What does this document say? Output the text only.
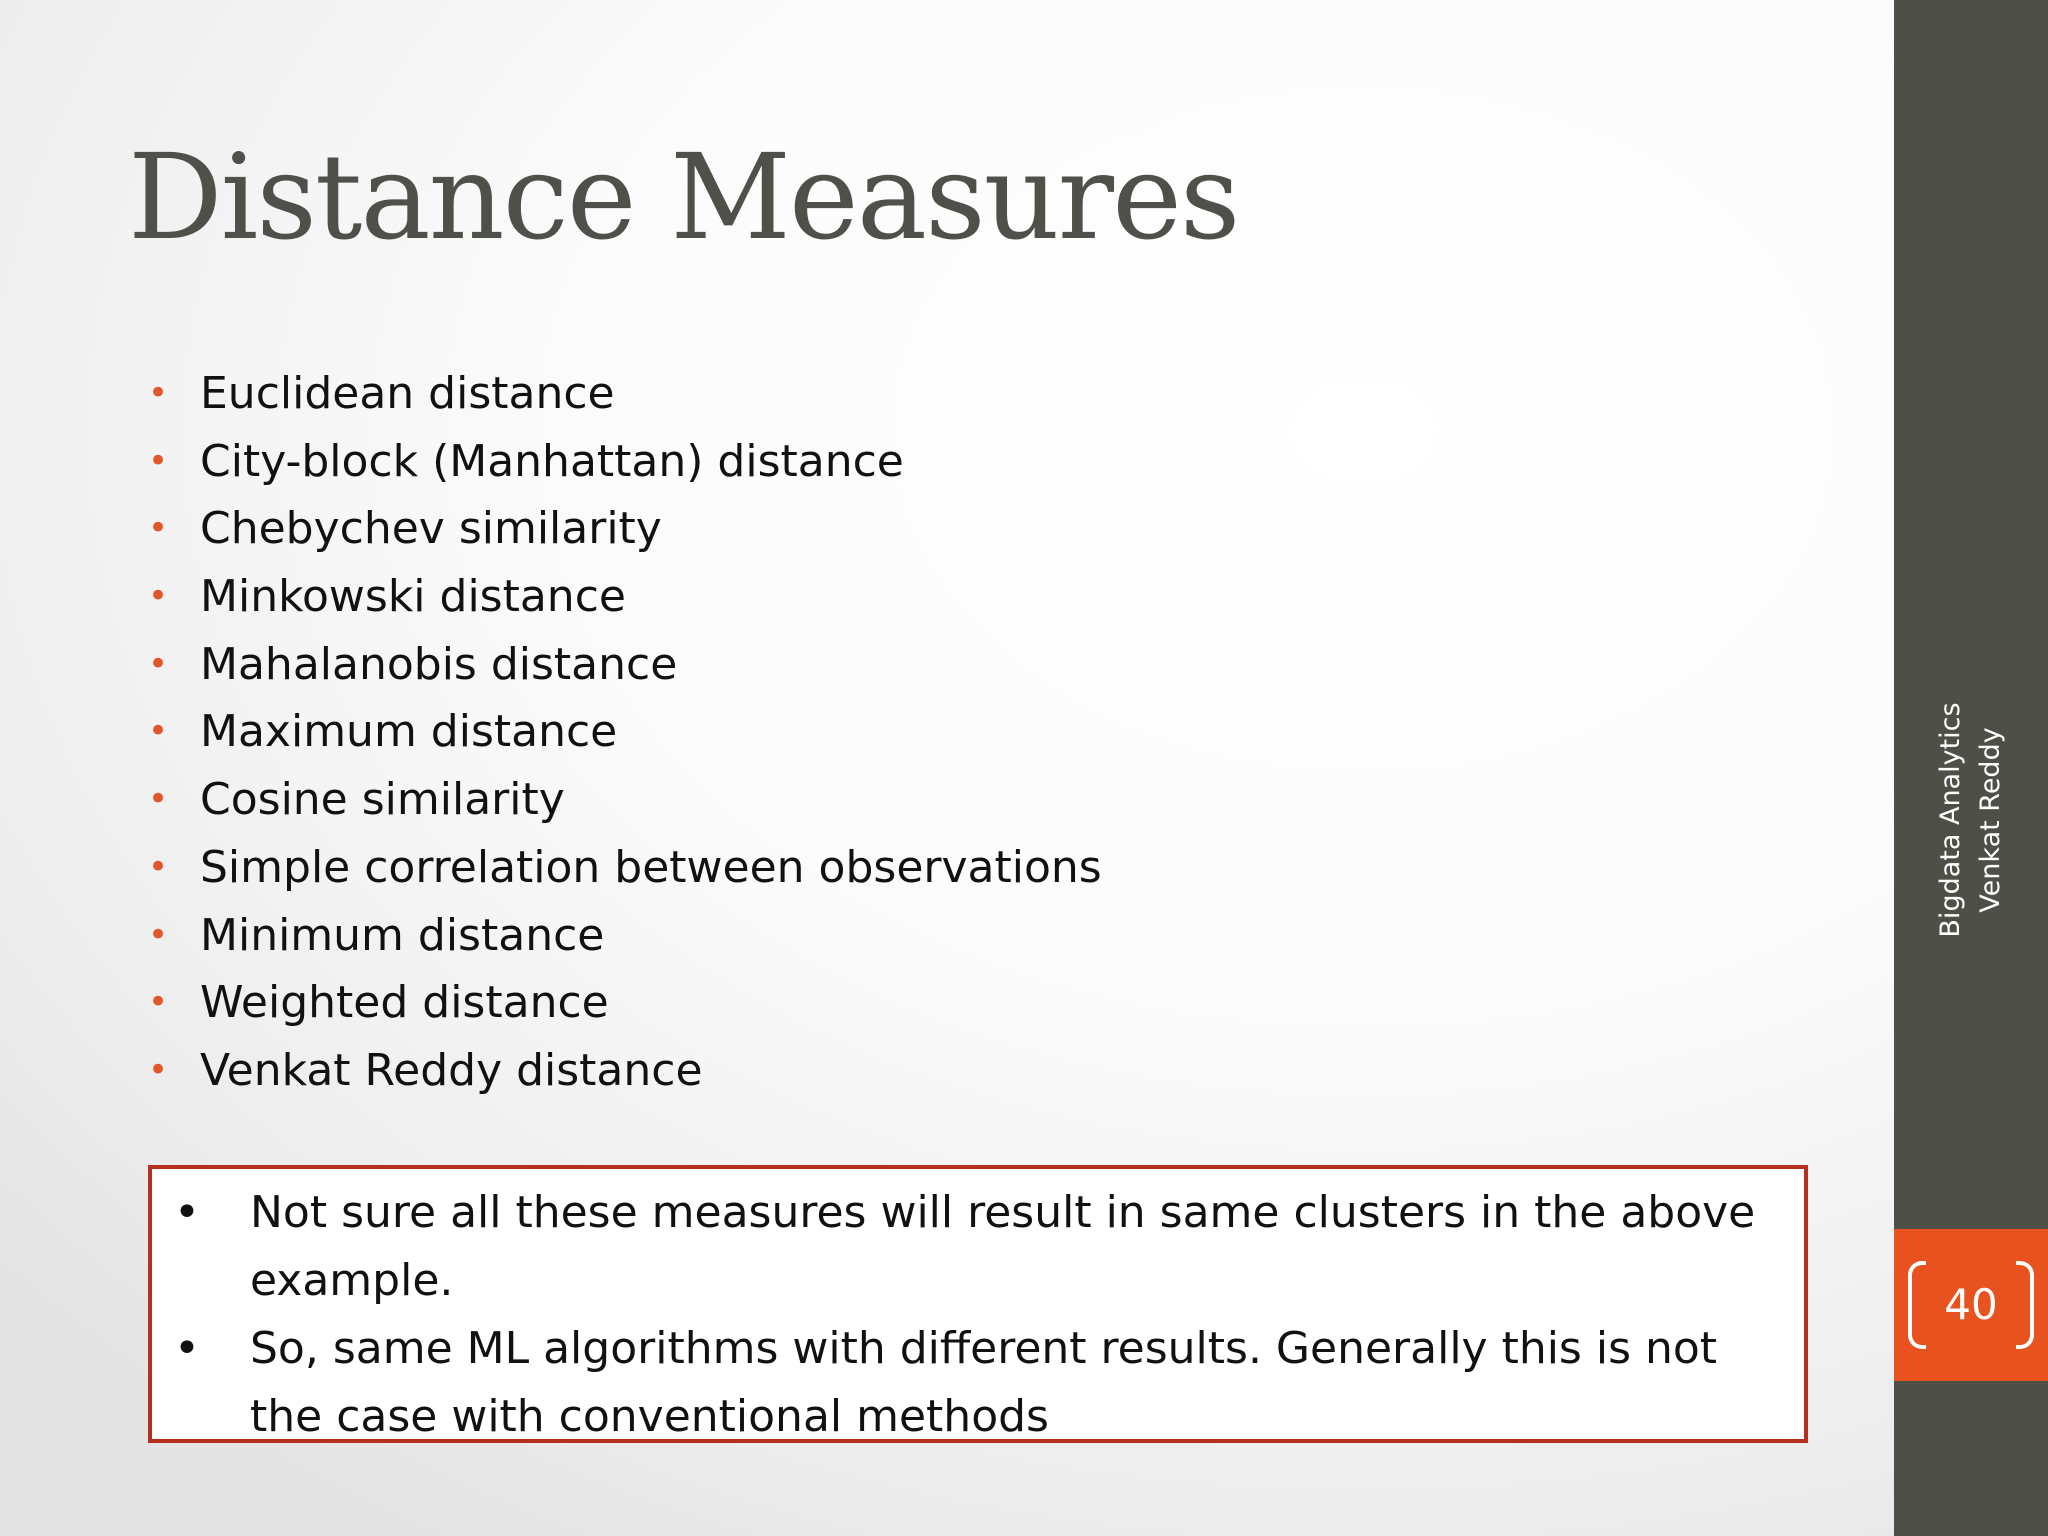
Distance Measures
• Euclidean distance
• City-block (Manhattan) distance
• Chebychev similarity
• Minkowski distance
• Mahalanobis distance
• Maximum distance
• Cosine similarity
• Simple correlation between observations
• Minimum distance
• Weighted distance
• Venkat Reddy distance
• Not sure all these measures will result in same clusters in the above example.
• So, same ML algorithms with different results. Generally this is not the case with conventional methods
Bigdata Analytics Venkat Reddy
40
